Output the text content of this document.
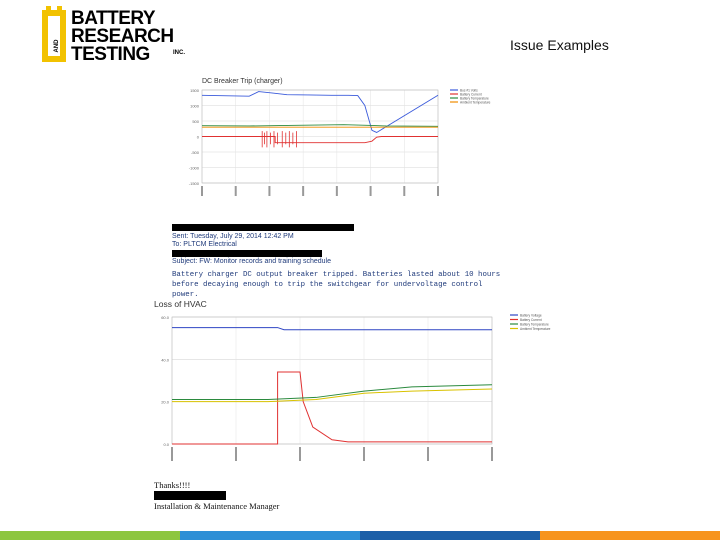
AND
BATTERY
RESEARCH
TESTING	INC.	Issue Examples
DC Breaker Trip (charger)
1500
1000
500
0
-500
-1000
-1500
Bus #1 Volts
Battery Current
Battery Temperature
Ambient Temperature
Sent: Tuesday, July 29, 2014 12:42 PM
To: PLTCM Electrical
Subject: FW: Monitor records and training schedule
Battery charger DC output breaker tripped. Batteries lasted about 10 hours
before decaying enough to trip the switchgear for undervoltage control power.
Loss of HVAC
60.0
40.0
20.0
0.0
Battery Voltage
Battery Current
Battery Temperature
Ambient Temperature
Thanks!!!!
Installation & Maintenance Manager
